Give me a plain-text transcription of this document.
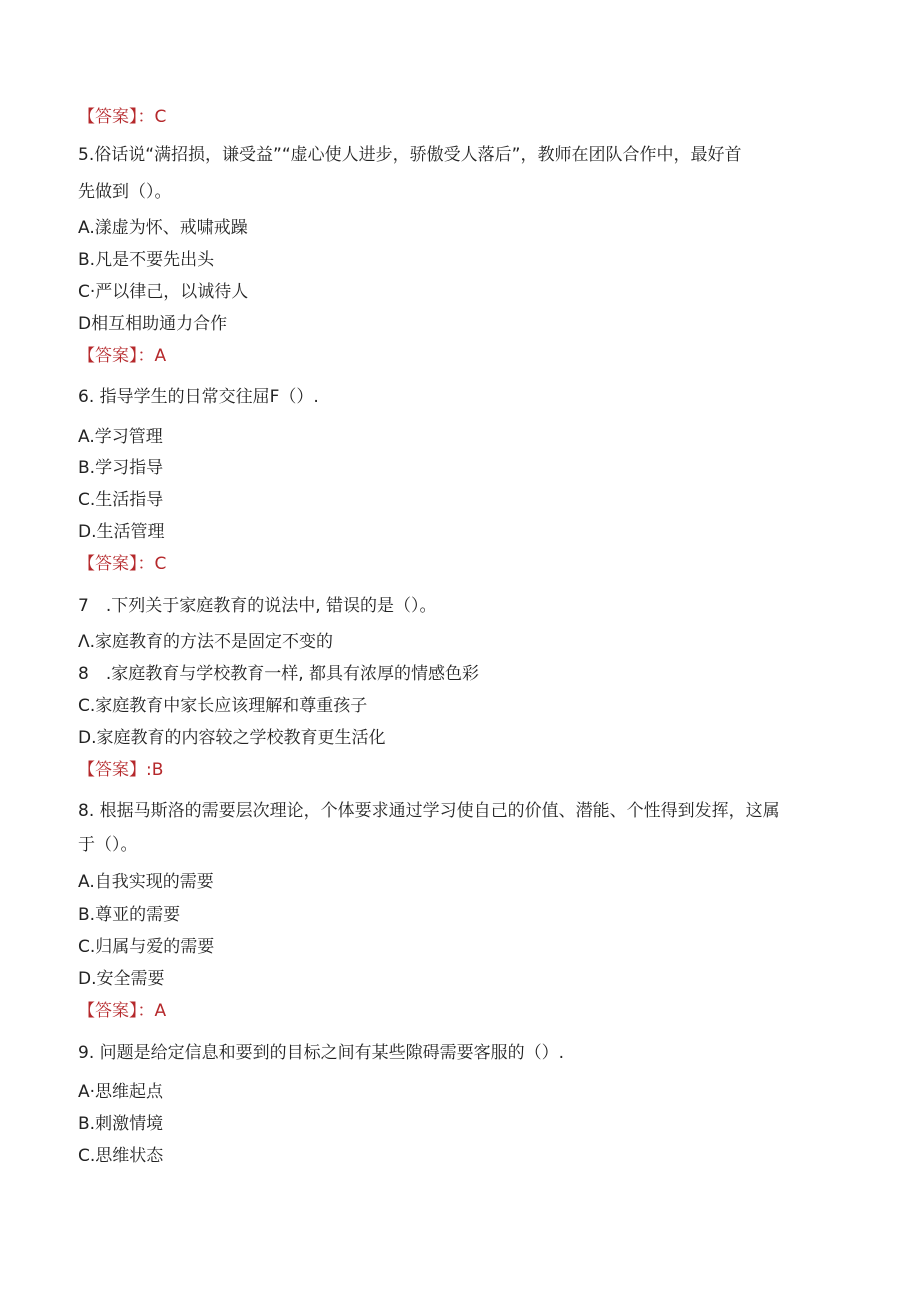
【答案】：C
5.俗话说“满招损，谦受益”“虚心使人进步，骄傲受人落后”，教师在团队合作中，最好首
先做到（）。
A.漾虚为怀、戒啸戒躁
B.凡是不要先出头
C·严以律己，以诚待人
D相互相助通力合作
【答案】：A
6. 指导学生的日常交往屈F（）.
A.学习管理
B.学习指导
C.生活指导
D.生活管理
【答案】：C
7　.下列关于家庭教育的说法中, 错误的是（）。
Λ.家庭教育的方法不是固定不变的
8　.家庭教育与学校教育一样, 都具有浓厚的情感色彩
C.家庭教育中家长应该理解和尊重孩子
D.家庭教育的内容较之学校教育更生活化
【答案】:B
8. 根据马斯洛的需要层次理论，个体要求通过学习使自己的价值、潜能、个性得到发挥，这属
于（）。
A.自我实现的需要
B.尊亚的需要
C.归属与爱的需要
D.安全需要
【答案】：A
9. 问题是给定信息和要到的目标之间有某些隙碍需要客服的（）.
A·思维起点
B.刺激情境
C.思维状态
